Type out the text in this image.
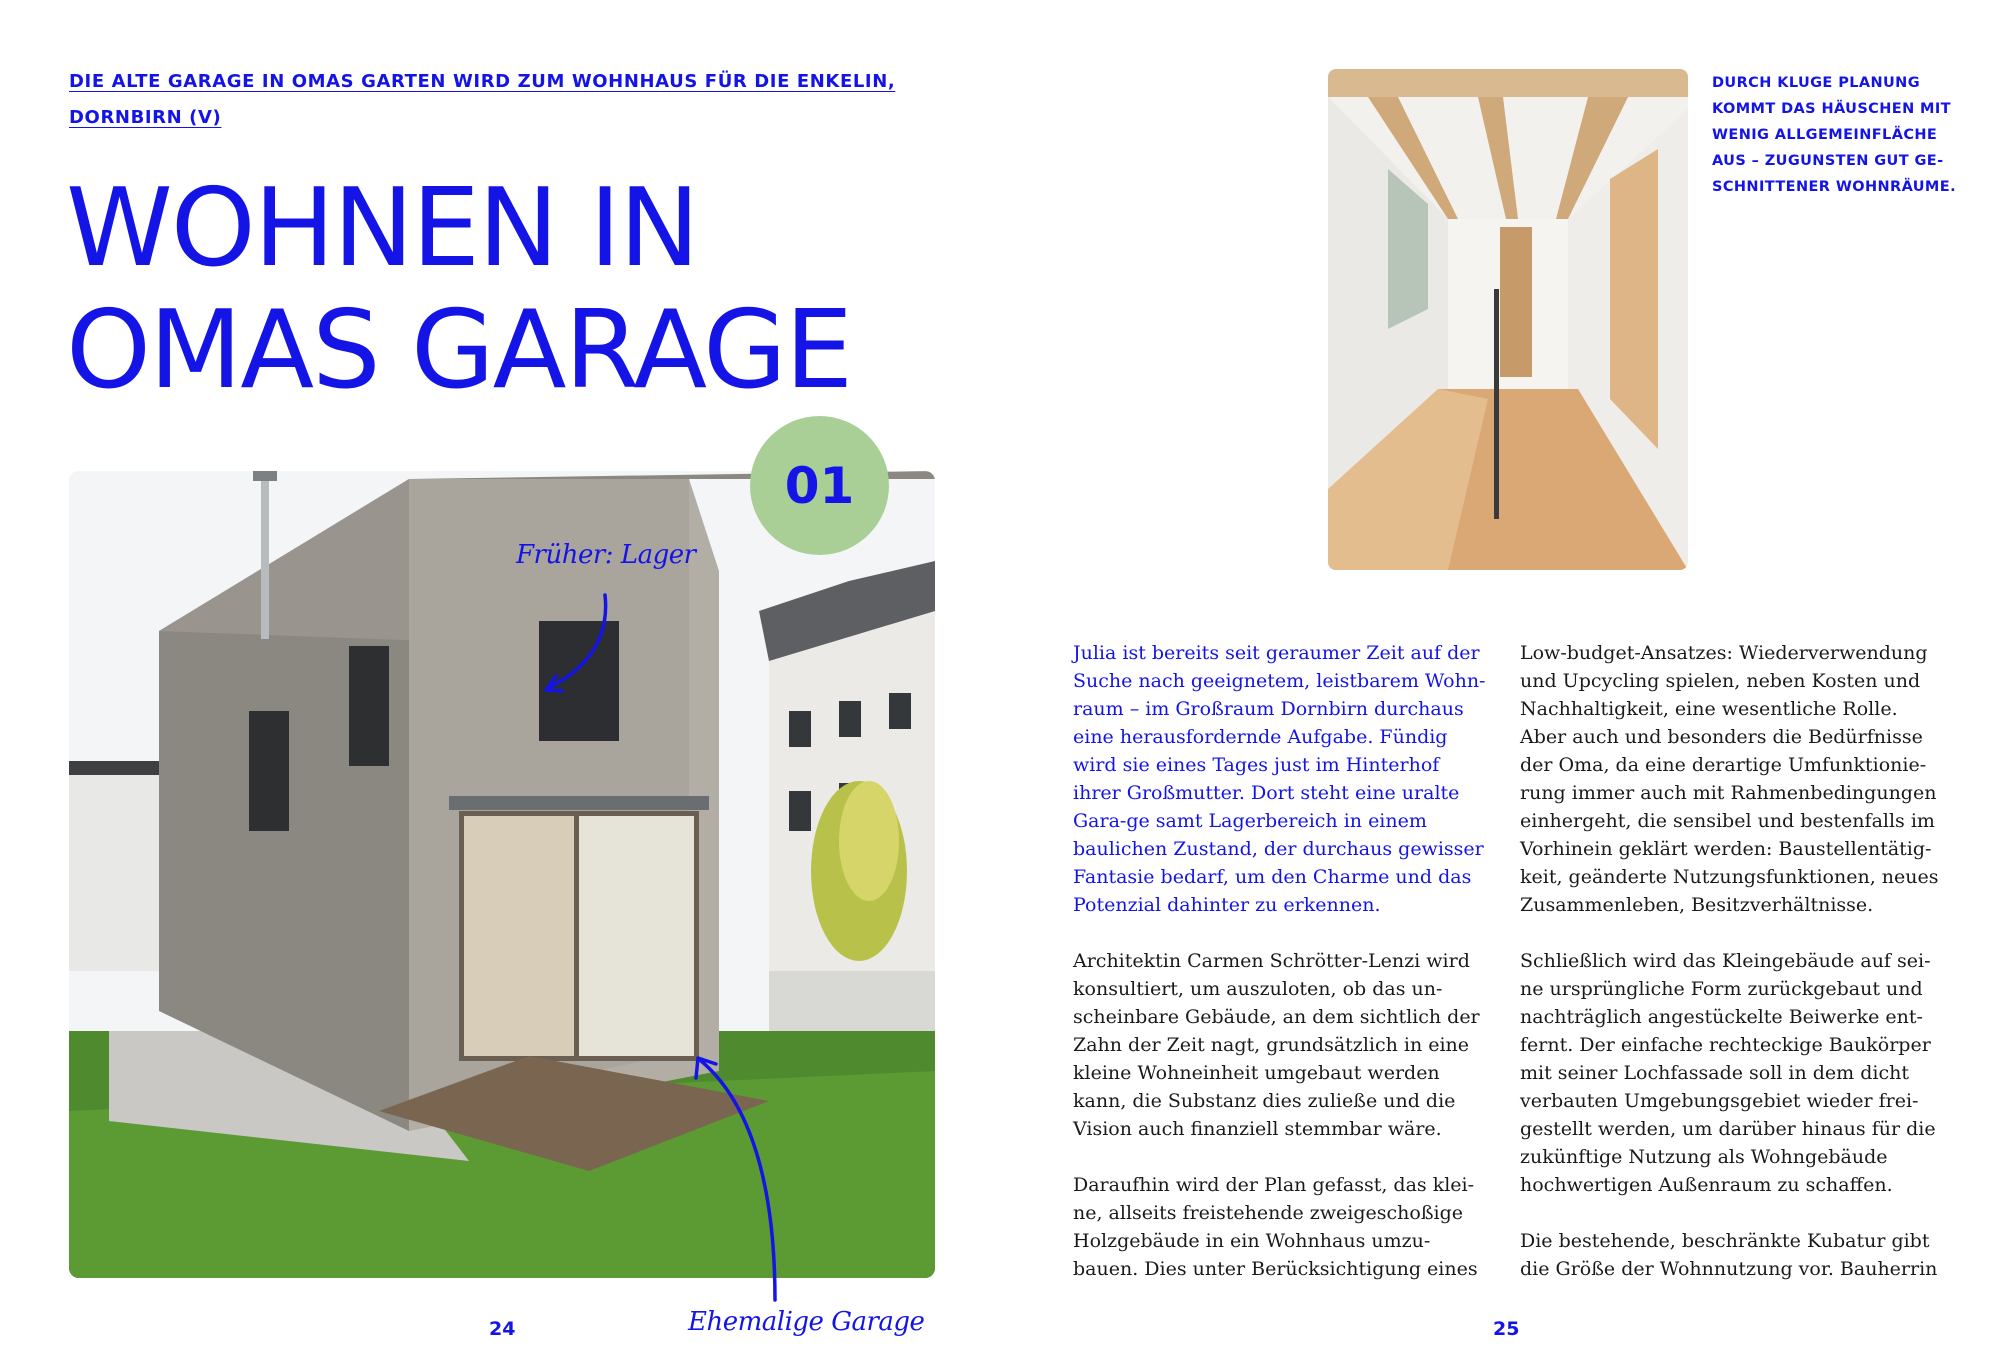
DIE ALTE GARAGE IN OMAS GARTEN WIRD ZUM WOHNHAUS FÜR DIE ENKELIN,
DORNBIRN (V)
WOHNEN IN
OMAS GARAGE
01
Früher: Lager
Ehemalige Garage
24
DURCH KLUGE PLANUNG KOMMT DAS HÄUSCHEN MIT WENIG ALLGEMEINFLÄCHE AUS – ZUGUNSTEN GUT GE-SCHNITTENER WOHNRÄUME.

Julia ist bereits seit geraumer Zeit auf der Suche nach geeignetem, leistbarem Wohn-raum – im Großraum Dornbirn durchaus eine herausfordernde Aufgabe. Fündig wird sie eines Tages just im Hinterhof ihrer Großmutter. Dort steht eine uralte Gara-ge samt Lagerbereich in einem baulichen Zustand, der durchaus gewisser Fantasie bedarf, um den Charme und das Potenzial dahinter zu erkennen.

Architektin Carmen Schrötter-Lenzi wird konsultiert, um auszuloten, ob das un-scheinbare Gebäude, an dem sichtlich der Zahn der Zeit nagt, grundsätzlich in eine kleine Wohneinheit umgebaut werden kann, die Substanz dies zuließe und die Vision auch finanziell stemmbar wäre.

Daraufhin wird der Plan gefasst, das klei-ne, allseits freistehende zweigeschoßige Holzgebäude in ein Wohnhaus umzu-bauen. Dies unter Berücksichtigung eines

Low-budget-Ansatzes: Wiederverwendung und Upcycling spielen, neben Kosten und Nachhaltigkeit, eine wesentliche Rolle. Aber auch und besonders die Bedürfnisse der Oma, da eine derartige Umfunktionie-rung immer auch mit Rahmenbedingungen einhergeht, die sensibel und bestenfalls im Vorhinein geklärt werden: Baustellentätig-keit, geänderte Nutzungsfunktionen, neues Zusammenleben, Besitzverhältnisse.

Schließlich wird das Kleingebäude auf sei-ne ursprüngliche Form zurückgebaut und nachträglich angestückelte Beiwerke ent-fernt. Der einfache rechteckige Baukörper mit seiner Lochfassade soll in dem dicht verbauten Umgebungsgebiet wieder frei-gestellt werden, um darüber hinaus für die zukünftige Nutzung als Wohngebäude hochwertigen Außenraum zu schaffen.

Die bestehende, beschränkte Kubatur gibt die Größe der Wohnnutzung vor. Bauherrin

25
